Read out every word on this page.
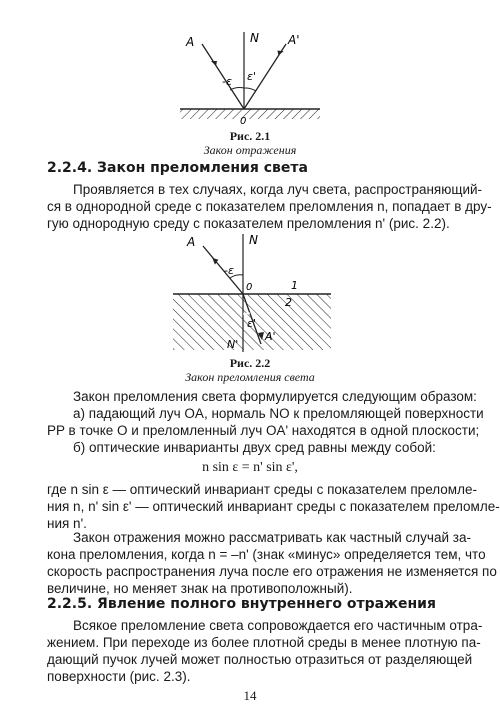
A	N A'
-ε ε'
0
Рис. 2.1
Закон отражения
2.2.4. Закон преломления света
Проявляется в тех случаях, когда луч света, распространяющий-
ся в однородной среде с показателем преломления n, попадает в дру-
гую однородную среду с показателем преломления n' (рис. 2.2).
A	N
-ε
0	1
2

ε'
N'
A'
Рис. 2.2
Закон преломления света
Закон преломления света формулируется следующим образом:
а) падающий луч OA, нормаль NO к преломляющей поверхности
PP в точке O и преломленный луч OA' находятся в одной плоскости;
б) оптические инварианты двух сред равны между собой:
n sin ε = n' sin ε',
где n sin ε — оптический инвариант среды с показателем преломле-
ния n, n' sin ε' — оптический инвариант среды с показателем преломле-
ния n'.
Закон отражения можно рассматривать как частный случай за-
кона преломления, когда n = –n' (знак «минус» определяется тем, что
скорость распространения луча после его отражения не изменяется по
величине, но меняет знак на противоположный).
2.2.5. Явление полного внутреннего отражения
Всякое преломление света сопровождается его частичным отра-
жением. При переходе из более плотной среды в менее плотную па-
дающий пучок лучей может полностью отразиться от разделяющей
поверхности (рис. 2.3).
14
